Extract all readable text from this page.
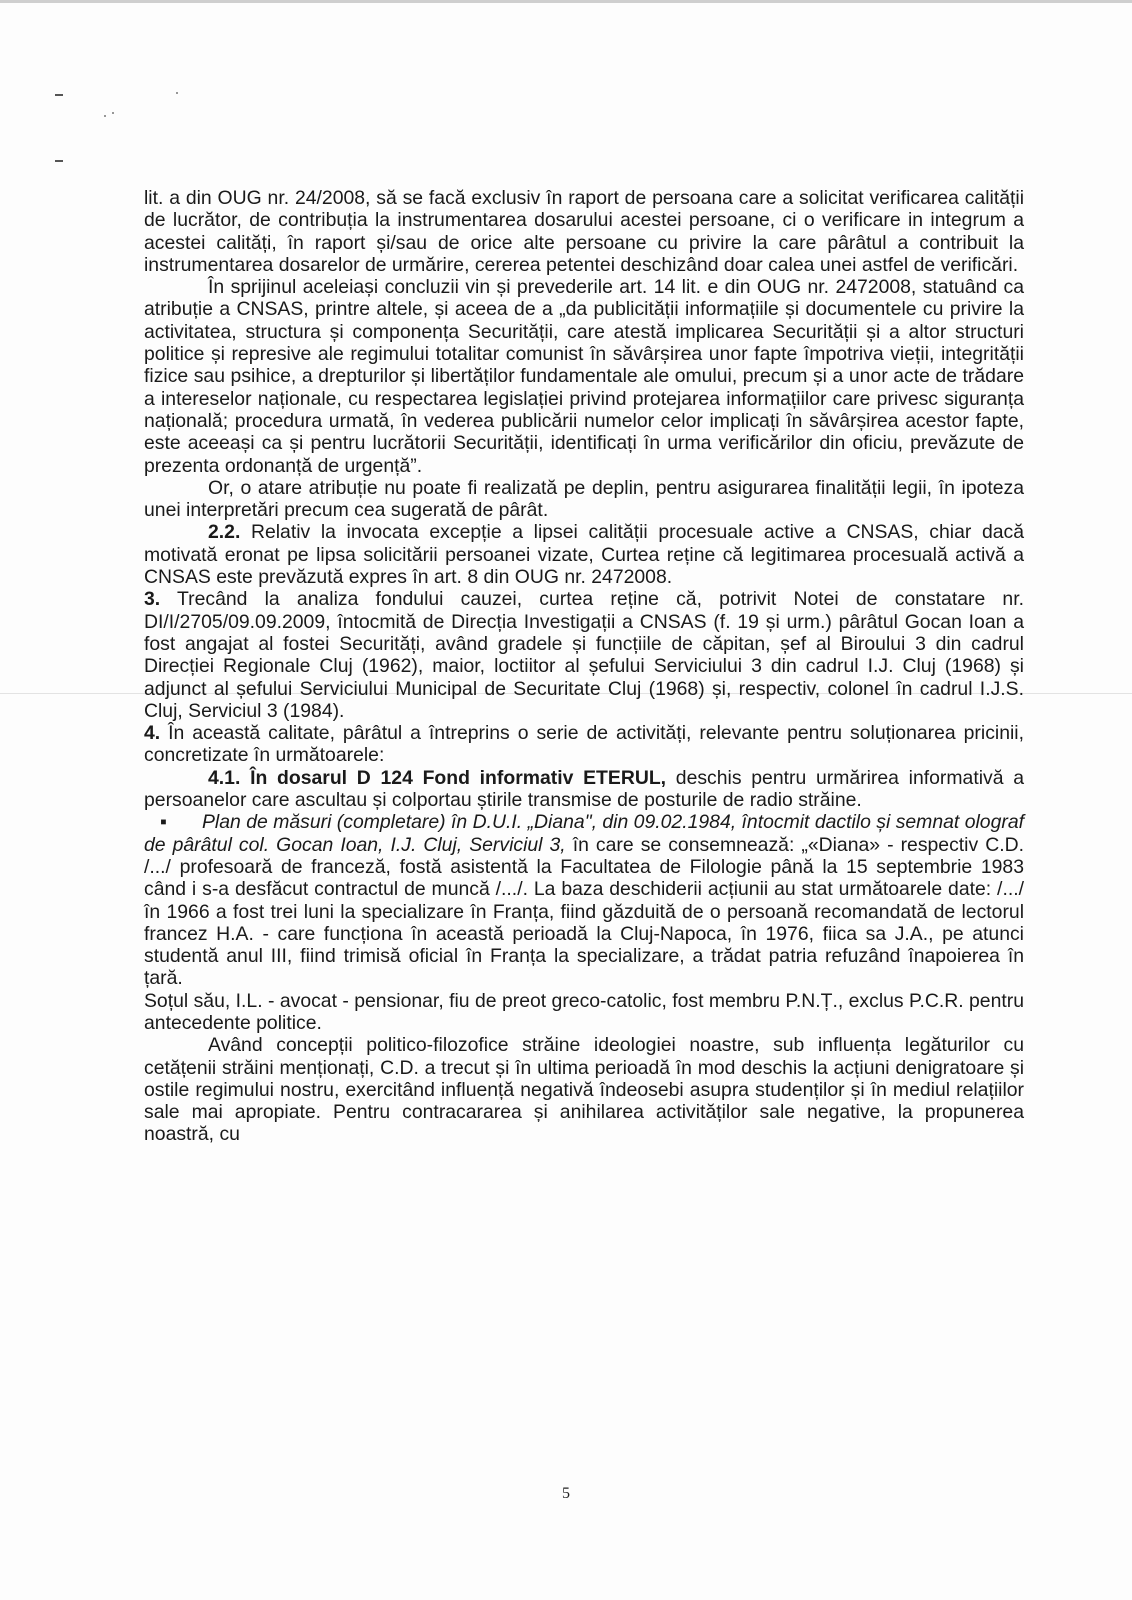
lit. a din OUG nr. 24/2008, să se facă exclusiv în raport de persoana care a solicitat verificarea calității de lucrător, de contribuția la instrumentarea dosarului acestei persoane, ci o verificare in integrum a acestei calități, în raport și/sau de orice alte persoane cu privire la care pârâtul a contribuit la instrumentarea dosarelor de urmărire, cererea petentei deschizând doar calea unei astfel de verificări.

În sprijinul aceleiași concluzii vin și prevederile art. 14 lit. e din OUG nr. 2472008, statuând ca atribuție a CNSAS, printre altele, și aceea de a „da publicității informațiile și documentele cu privire la activitatea, structura și componența Securității, care atestă implicarea Securității și a altor structuri politice și represive ale regimului totalitar comunist în săvârșirea unor fapte împotriva vieții, integrității fizice sau psihice, a drepturilor și libertăților fundamentale ale omului, precum și a unor acte de trădare a intereselor naționale, cu respectarea legislației privind protejarea informațiilor care privesc siguranța națională; procedura urmată, în vederea publicării numelor celor implicați în săvârșirea acestor fapte, este aceeași ca și pentru lucrătorii Securității, identificați în urma verificărilor din oficiu, prevăzute de prezenta ordonanță de urgență”.

Or, o atare atribuție nu poate fi realizată pe deplin, pentru asigurarea finalității legii, în ipoteza unei interpretări precum cea sugerată de pârât.

2.2. Relativ la invocata excepție a lipsei calității procesuale active a CNSAS, chiar dacă motivată eronat pe lipsa solicitării persoanei vizate, Curtea reține că legitimarea procesuală activă a CNSAS este prevăzută expres în art. 8 din OUG nr. 2472008.

3. Trecând la analiza fondului cauzei, curtea reține că, potrivit Notei de constatare nr. DI/I/2705/09.09.2009, întocmită de Direcția Investigații a CNSAS (f. 19 și urm.) pârâtul Gocan Ioan a fost angajat al fostei Securități, având gradele și funcțiile de căpitan, șef al Biroului 3 din cadrul Direcției Regionale Cluj (1962), maior, loctiitor al șefului Serviciului 3 din cadrul I.J. Cluj (1968) și adjunct al șefului Serviciului Municipal de Securitate Cluj (1968) și, respectiv, colonel în cadrul I.J.S. Cluj, Serviciul 3 (1984).

4. În această calitate, pârâtul a întreprins o serie de activități, relevante pentru soluționarea pricinii, concretizate în următoarele:

4.1. În dosarul D 124 Fond informativ ETERUL, deschis pentru urmărirea informativă a persoanelor care ascultau și colportau știrile transmise de posturile de radio străine.

▪ Plan de măsuri (completare) în D.U.I. „Diana", din 09.02.1984, întocmit dactilo și semnat olograf de pârâtul col. Gocan Ioan, I.J. Cluj, Serviciul 3, în care se consemnează: „«Diana» - respectiv C.D. /.../ profesoară de franceză, fostă asistentă la Facultatea de Filologie până la 15 septembrie 1983 când i s-a desfăcut contractul de muncă /.../. La baza deschiderii acțiunii au stat următoarele date: /.../ în 1966 a fost trei luni la specializare în Franța, fiind găzduită de o persoană recomandată de lectorul francez H.A. - care funcționa în această perioadă la Cluj-Napoca, în 1976, fiica sa J.A., pe atunci studentă anul III, fiind trimisă oficial în Franța la specializare, a trădat patria refuzând înapoierea în țară.

Soțul său, I.L. - avocat - pensionar, fiu de preot greco-catolic, fost membru P.N.Ț., exclus P.C.R. pentru antecedente politice.

Având concepții politico-filozofice străine ideologiei noastre, sub influența legăturilor cu cetățenii străini menționați, C.D. a trecut și în ultima perioadă în mod deschis la acțiuni denigratoare și ostile regimului nostru, exercitând influență negativă îndeosebi asupra studenților și în mediul relațiilor sale mai apropiate. Pentru contracararea și anihilarea activităților sale negative, la propunerea noastră, cu

5
